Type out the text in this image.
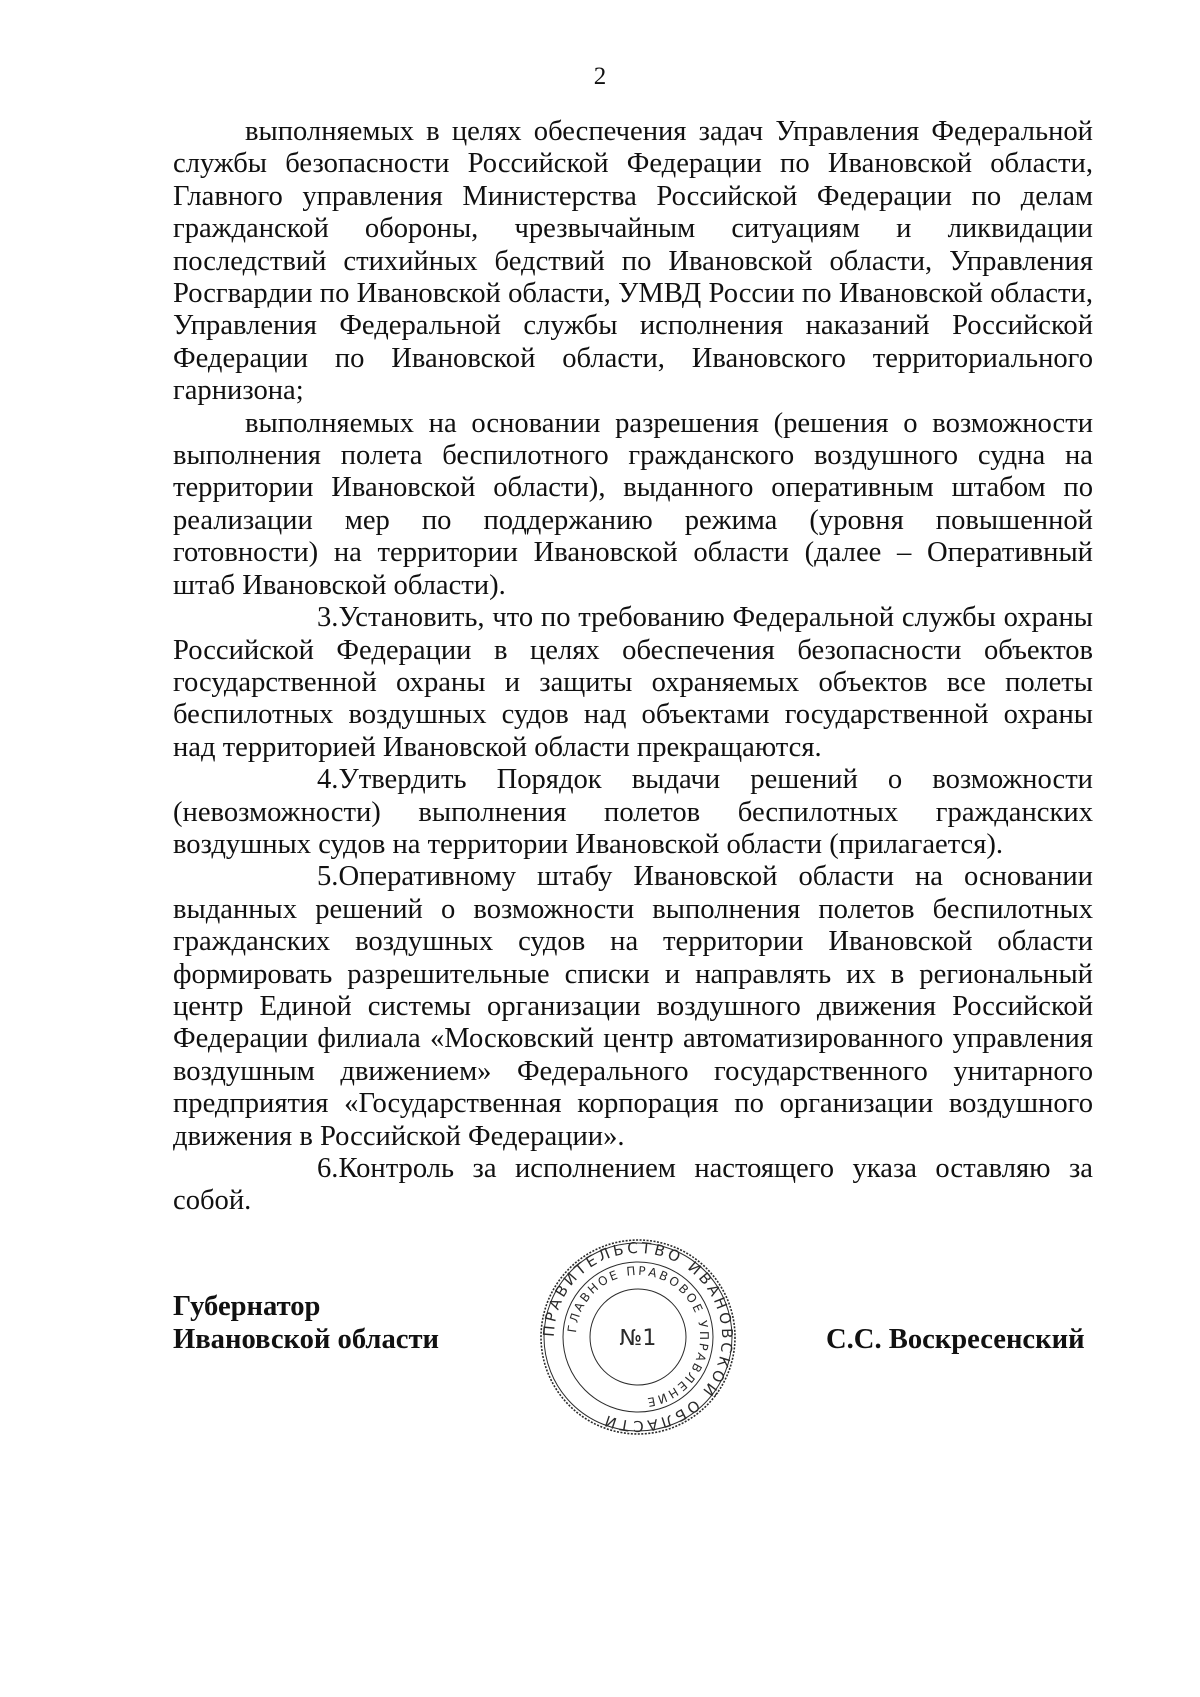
2

выполняемых в целях обеспечения задач Управления Федеральной службы безопасности Российской Федерации по Ивановской области, Главного управления Министерства Российской Федерации по делам гражданской обороны, чрезвычайным ситуациям и ликвидации последствий стихийных бедствий по Ивановской области, Управления Росгвардии по Ивановской области, УМВД России по Ивановской области, Управления Федеральной службы исполнения наказаний Российской Федерации по Ивановской области, Ивановского территориального гарнизона;

выполняемых на основании разрешения (решения о возможности выполнения полета беспилотного гражданского воздушного судна на территории Ивановской области), выданного оперативным штабом по реализации мер по поддержанию режима (уровня повышенной готовности) на территории Ивановской области (далее – Оперативный штаб Ивановской области).

3.Установить, что по требованию Федеральной службы охраны Российской Федерации в целях обеспечения безопасности объектов государственной охраны и защиты охраняемых объектов все полеты беспилотных воздушных судов над объектами государственной охраны над территорией Ивановской области прекращаются.

4.Утвердить Порядок выдачи решений о возможности (невозможности) выполнения полетов беспилотных гражданских воздушных судов на территории Ивановской области (прилагается).

5.Оперативному штабу Ивановской области на основании выданных решений о возможности выполнения полетов беспилотных гражданских воздушных судов на территории Ивановской области формировать разрешительные списки и направлять их в региональный центр Единой системы организации воздушного движения Российской Федерации филиала «Московский центр автоматизированного управления воздушным движением» Федерального государственного унитарного предприятия «Государственная корпорация по организации воздушного движения в Российской Федерации».

6.Контроль за исполнением настоящего указа оставляю за собой.

Губернатор
Ивановской области	С.С. Воскресенский
ПРАВИТЕЛЬСТВО ИВАНОВСКОЙ ОБЛАСТИ
ГЛАВНОЕ ПРАВОВОЕ УПРАВЛЕНИЕ
№1
